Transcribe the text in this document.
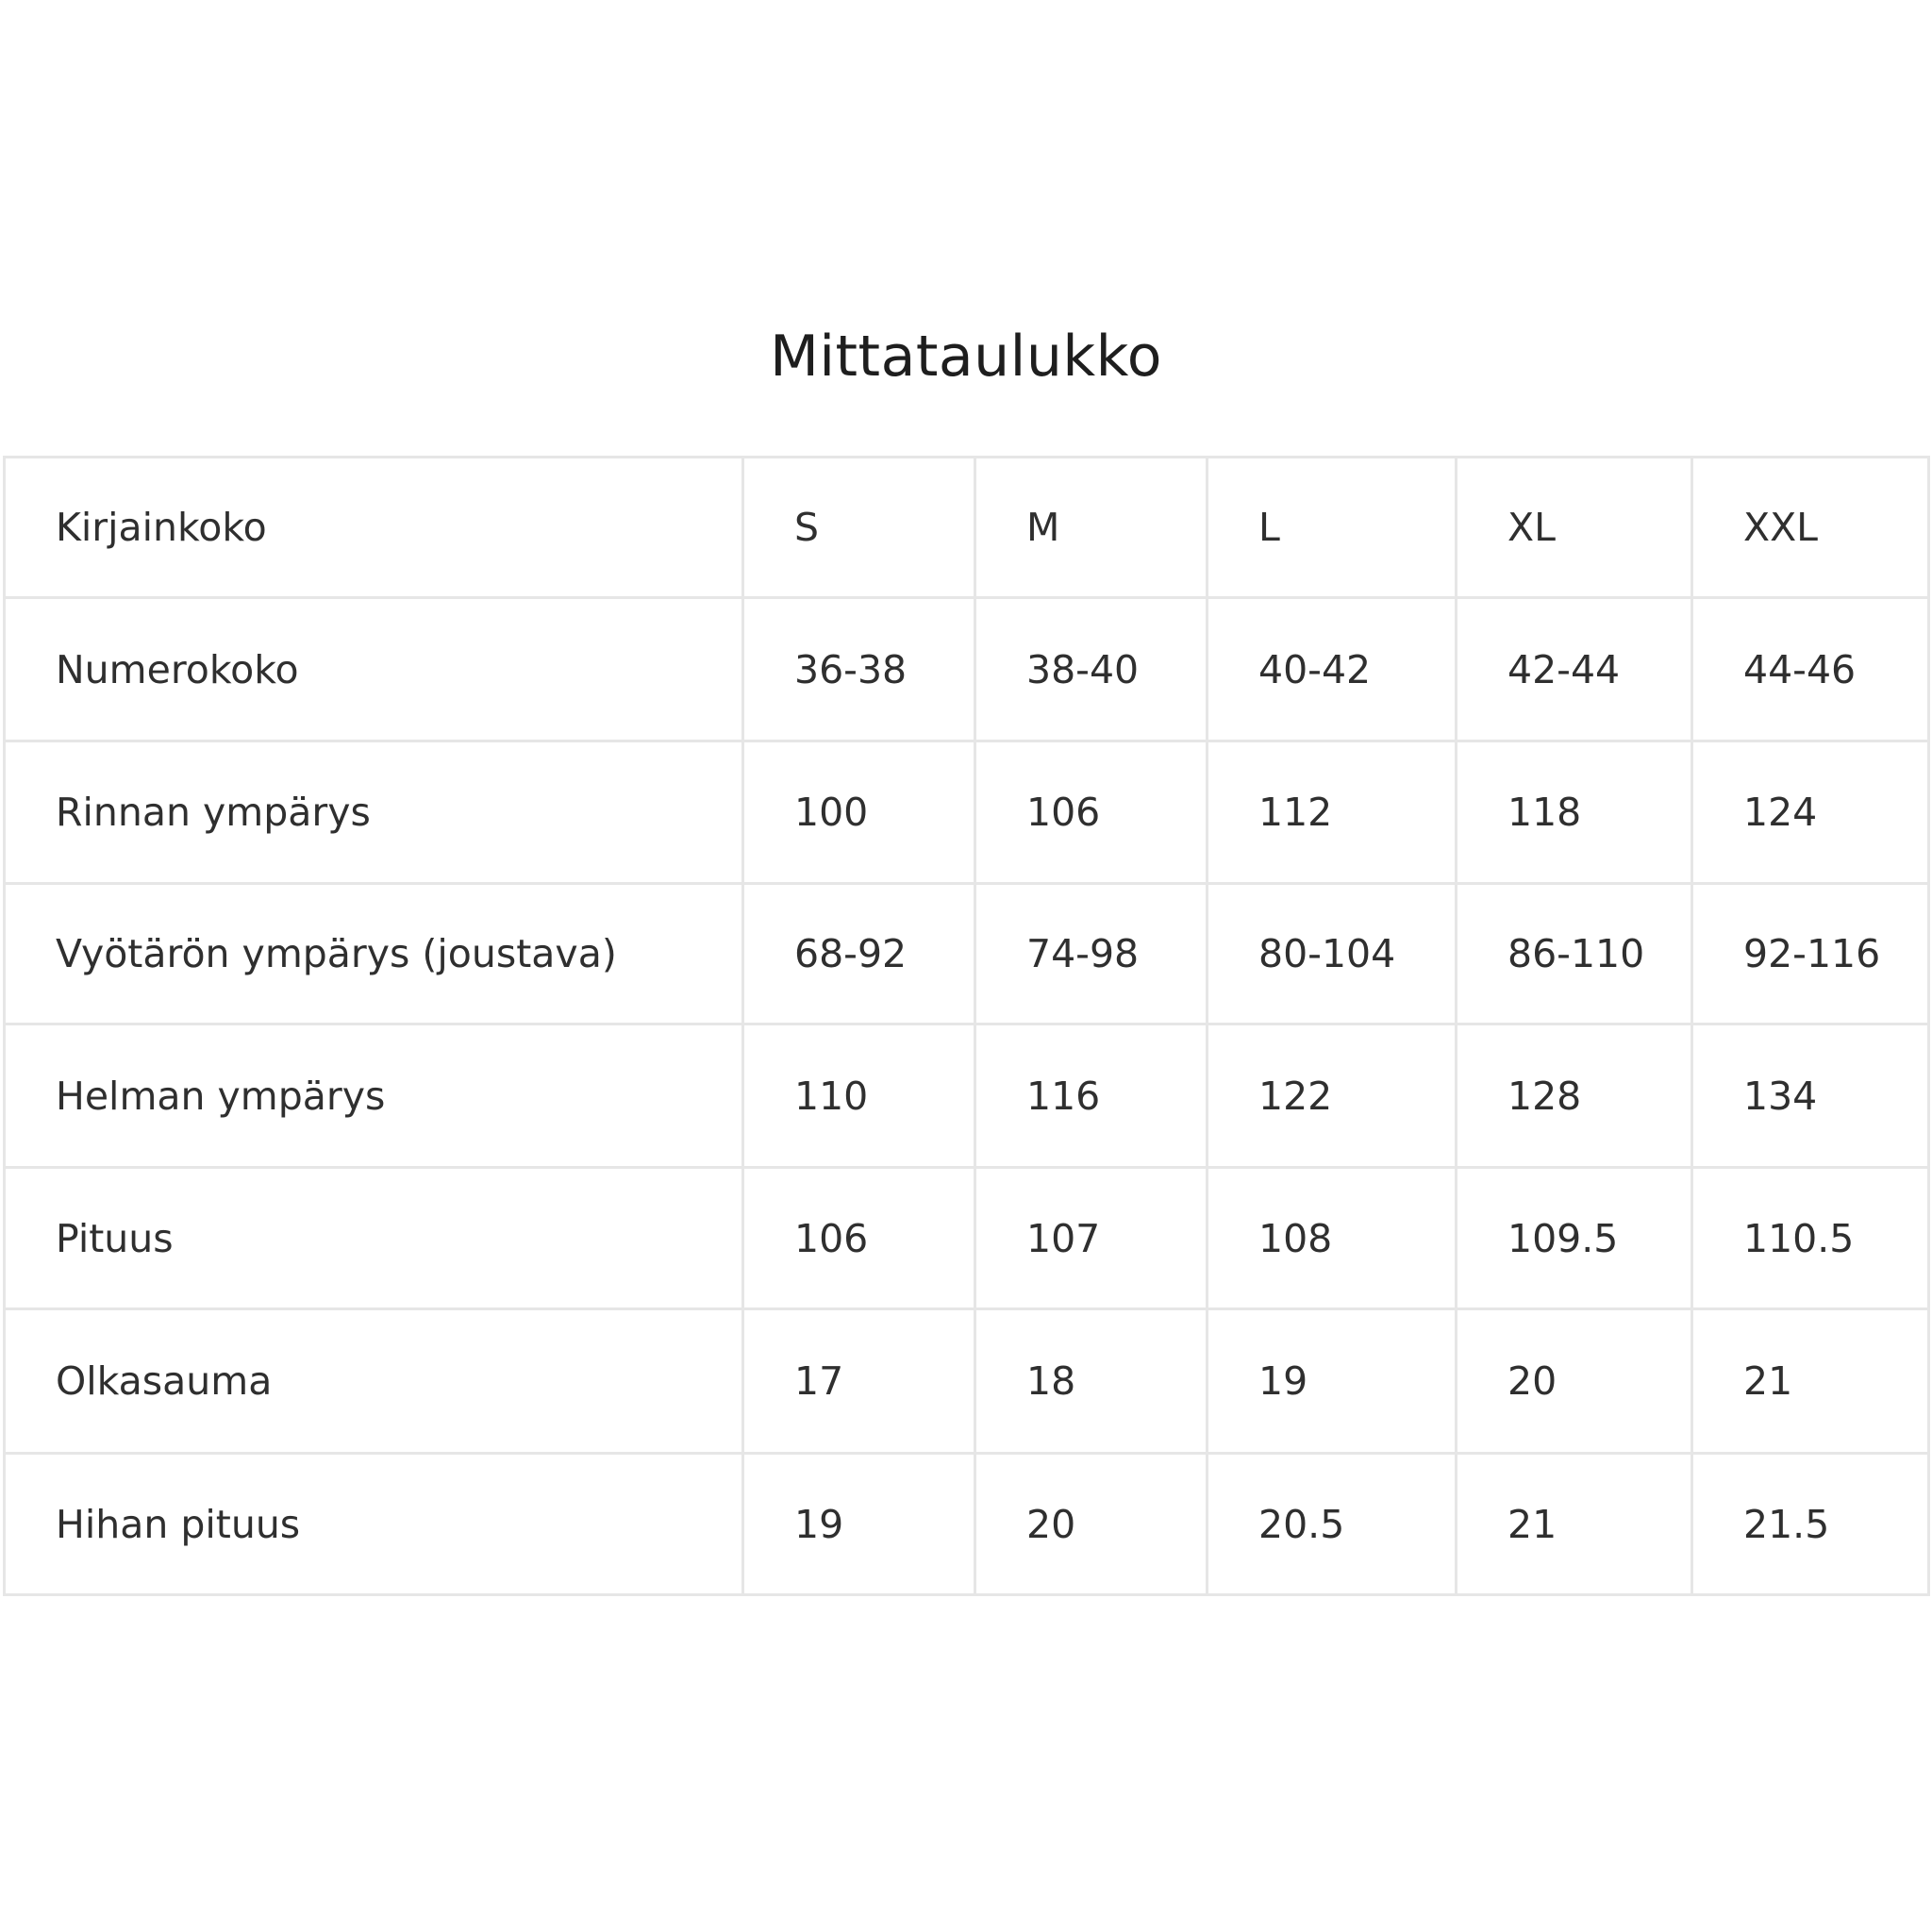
Mittataulukko
Kirjainkoko	S	M	L	XL	XXL
Numerokoko	36-38	38-40	40-42	42-44	44-46
Rinnan ympärys	100	106	112	118	124
Vyötärön ympärys (joustava)	68-92	74-98	80-104	86-110	92-116
Helman ympärys	110	116	122	128	134
Pituus	106	107	108	109.5	110.5
Olkasauma	17	18	19	20	21
Hihan pituus	19	20	20.5	21	21.5
